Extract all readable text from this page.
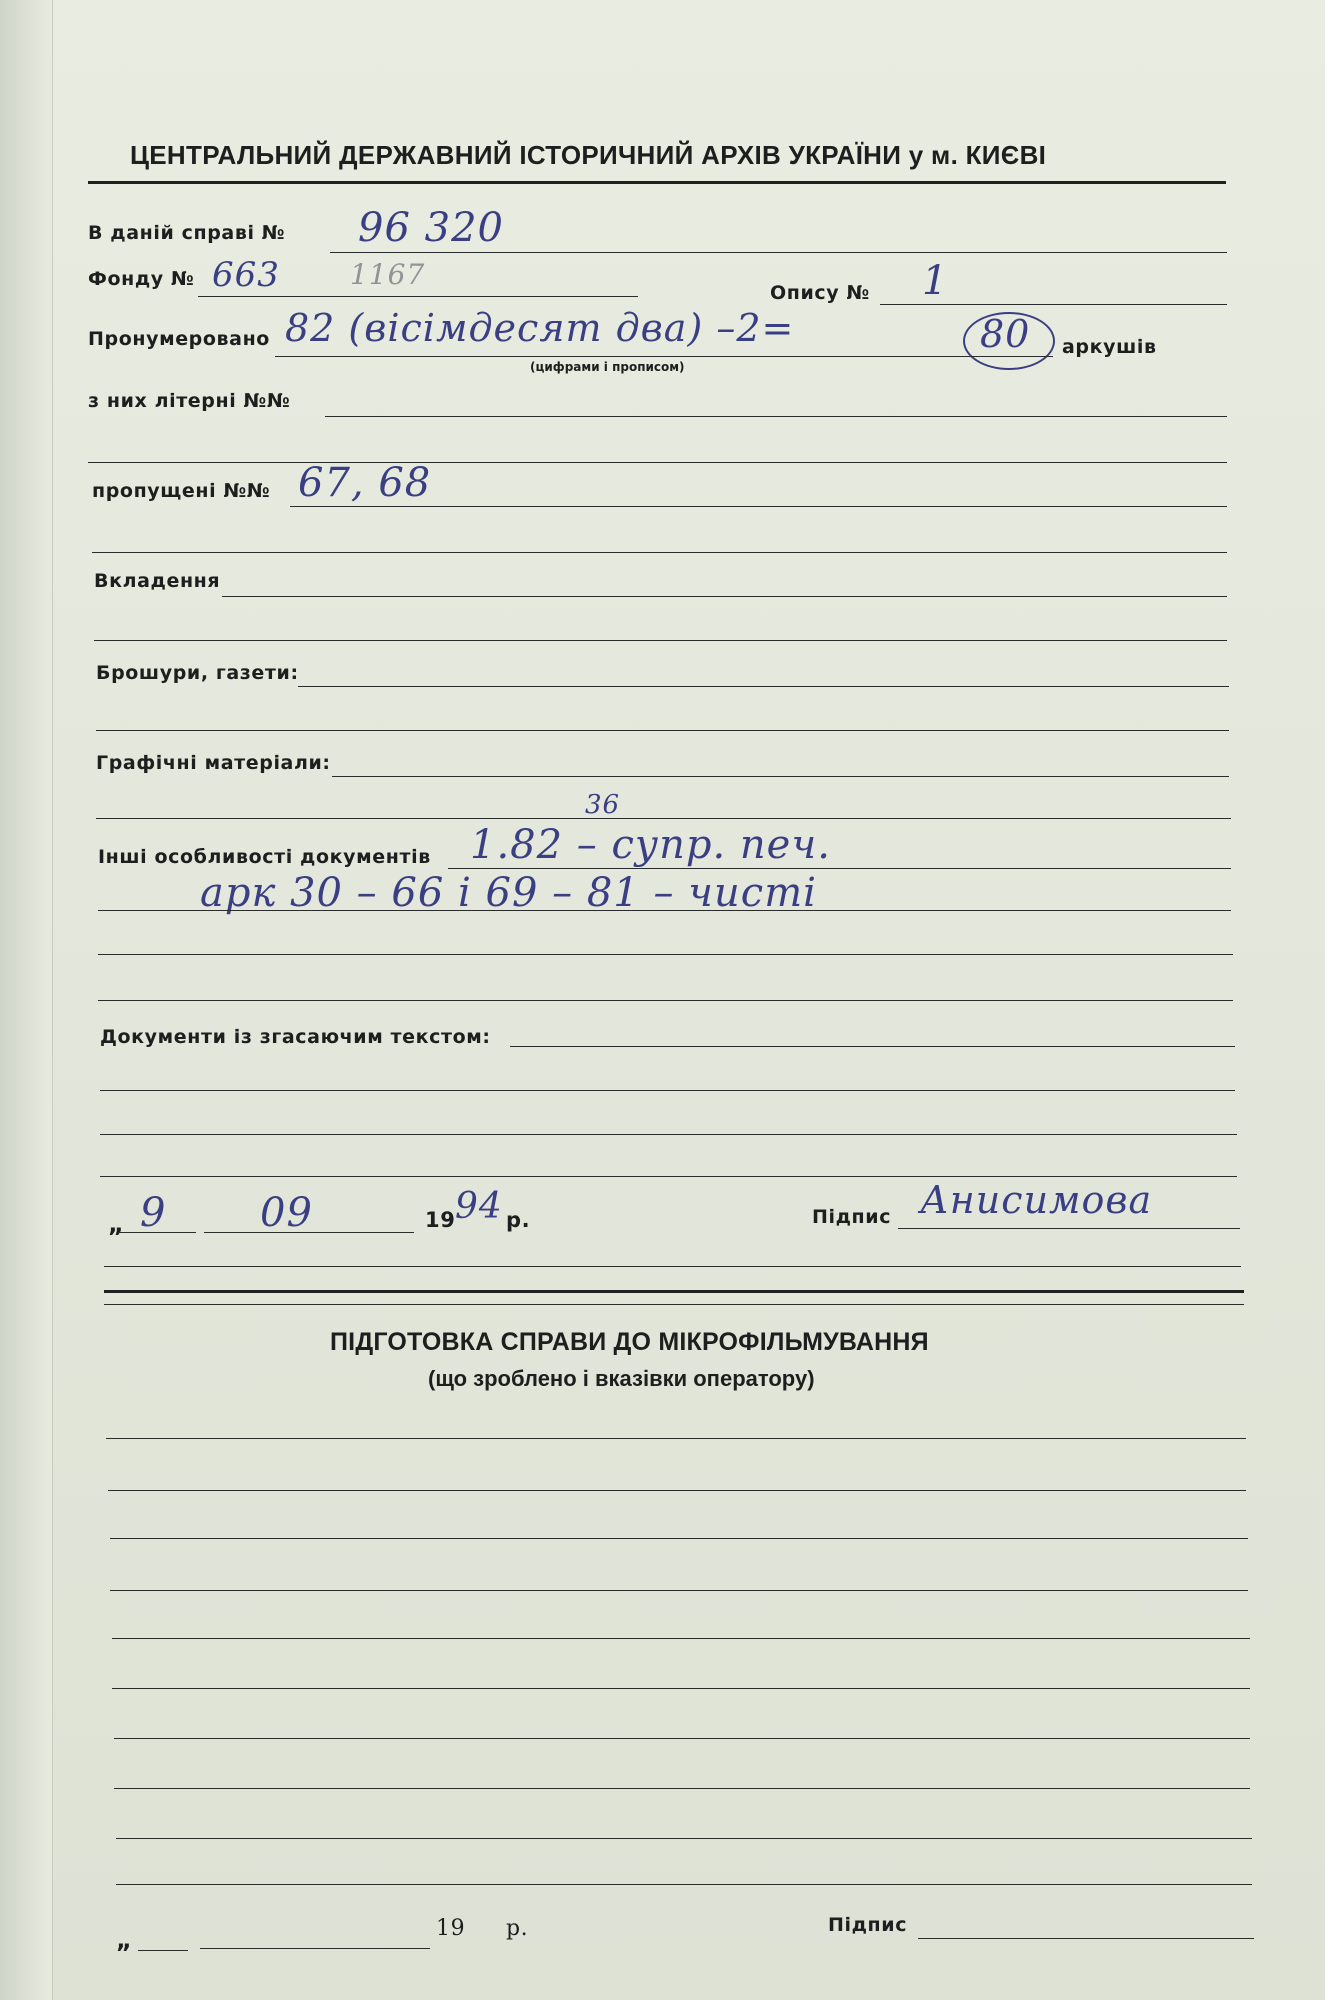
ЦЕНТРАЛЬНИЙ ДЕРЖАВНИЙ ІСТОРИЧНИЙ АРХІВ УКРАЇНИ у м. КИЄВІ
В даній справі № 96 320
Фонду № 663	1167
Опису № 1
Пронумеровано 82 (вісімдесят два) –2=	80 аркушів
(цифрами і прописом)
з них літерні №№
пропущені №№ 67, 68
Вкладення
Брошури, газети:
Графічні матеріали:
Інші особливості документів
36
1.82 – супр. печ.
арк 30 – 66 і 69 – 81 – чисті
Документи із згасаючим текстом:
„ 9 09	19 94 р.	Підпис Анисимова
ПІДГОТОВКА СПРАВИ ДО МІКРОФІЛЬМУВАННЯ
(що зроблено і вказівки оператору)
„	19 р.	Підпис
